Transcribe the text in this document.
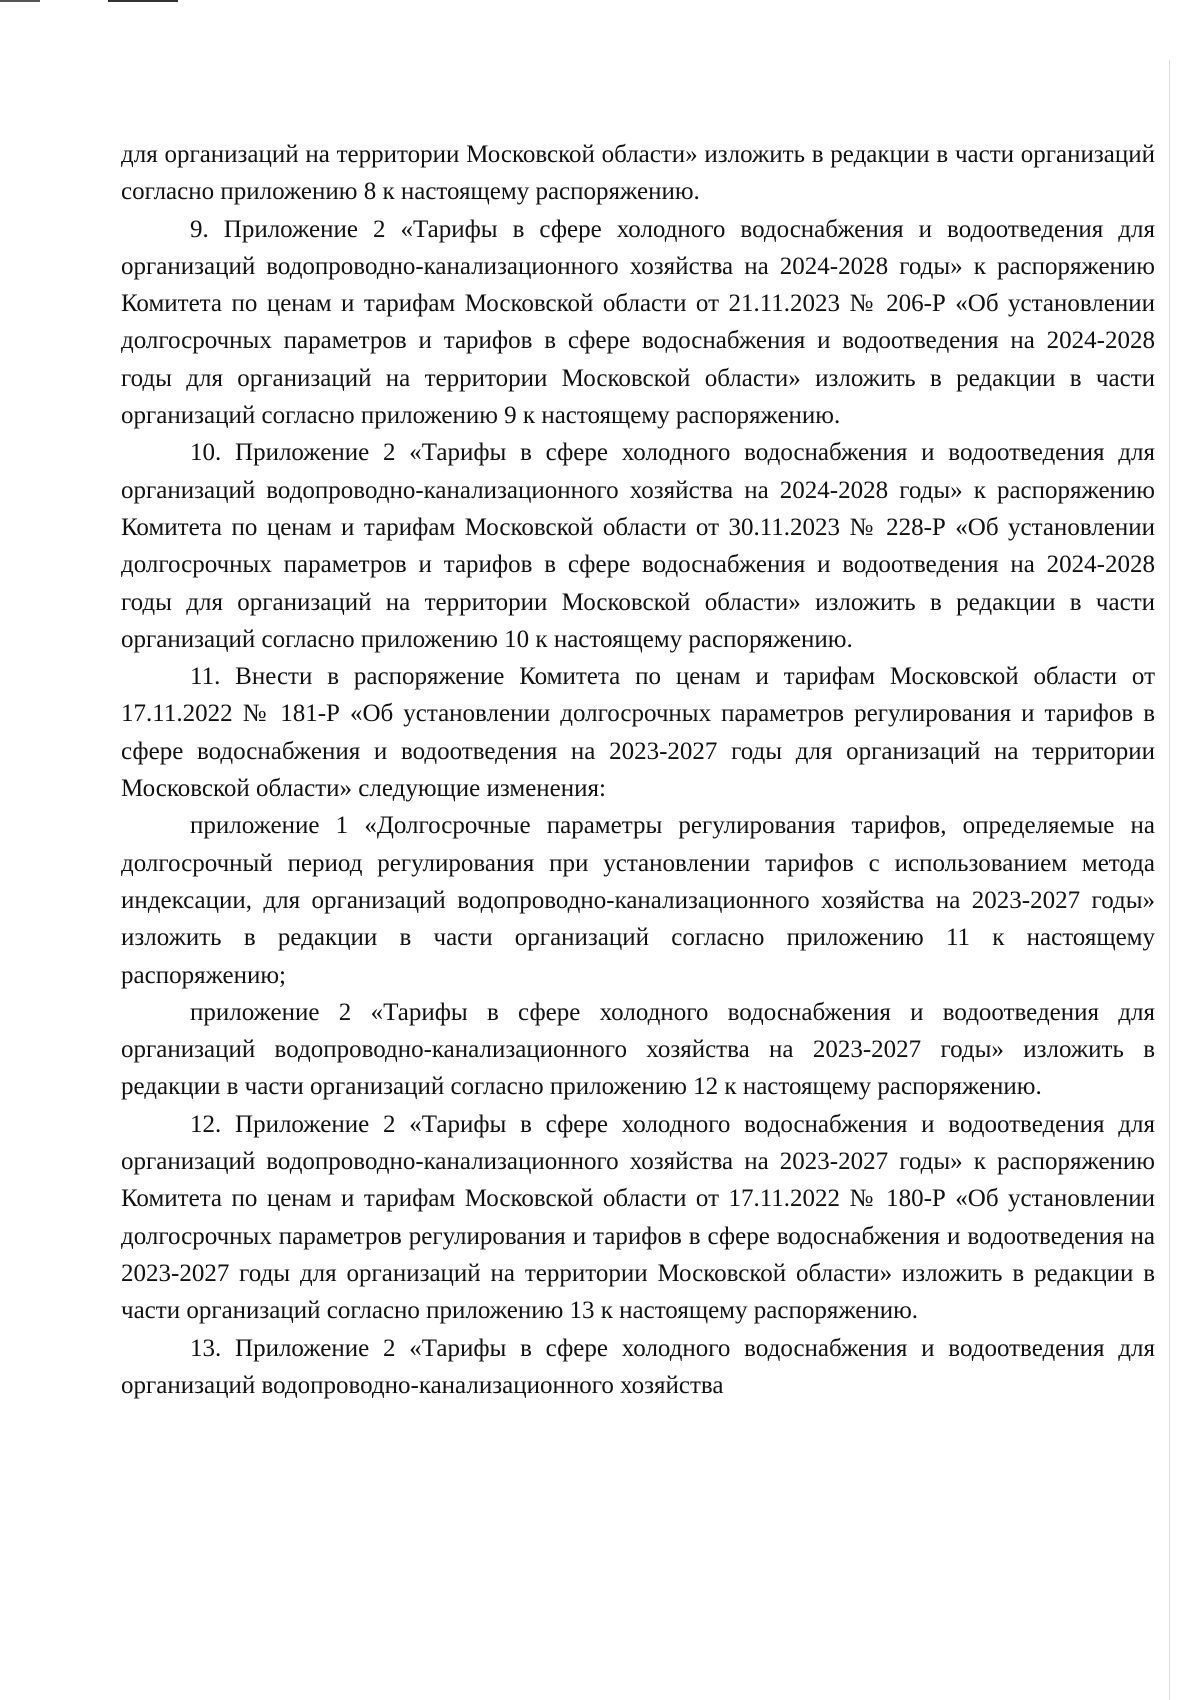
для организаций на территории Московской области» изложить в редакции в части организаций согласно приложению 8 к настоящему распоряжению.

9. Приложение 2 «Тарифы в сфере холодного водоснабжения и водоотведения для организаций водопроводно-канализационного хозяйства на 2024-2028 годы» к распоряжению Комитета по ценам и тарифам Московской области от 21.11.2023 № 206-Р «Об установлении долгосрочных параметров и тарифов в сфере водоснабжения и водоотведения на 2024-2028 годы для организаций на территории Московской области» изложить в редакции в части организаций согласно приложению 9 к настоящему распоряжению.

10. Приложение 2 «Тарифы в сфере холодного водоснабжения и водоотведения для организаций водопроводно-канализационного хозяйства на 2024-2028 годы» к распоряжению Комитета по ценам и тарифам Московской области от 30.11.2023 № 228-Р «Об установлении долгосрочных параметров и тарифов в сфере водоснабжения и водоотведения на 2024-2028 годы для организаций на территории Московской области» изложить в редакции в части организаций согласно приложению 10 к настоящему распоряжению.

11. Внести в распоряжение Комитета по ценам и тарифам Московской области от 17.11.2022 № 181-Р «Об установлении долгосрочных параметров регулирования и тарифов в сфере водоснабжения и водоотведения на 2023-2027 годы для организаций на территории Московской области» следующие изменения:

приложение 1 «Долгосрочные параметры регулирования тарифов, определяемые на долгосрочный период регулирования при установлении тарифов с использованием метода индексации, для организаций водопроводно-канализационного хозяйства на 2023-2027 годы» изложить в редакции в части организаций согласно приложению 11 к настоящему распоряжению;

приложение 2 «Тарифы в сфере холодного водоснабжения и водоотведения для организаций водопроводно-канализационного хозяйства на 2023-2027 годы» изложить в редакции в части организаций согласно приложению 12 к настоящему распоряжению.

12. Приложение 2 «Тарифы в сфере холодного водоснабжения и водоотведения для организаций водопроводно-канализационного хозяйства на 2023-2027 годы» к распоряжению Комитета по ценам и тарифам Московской области от 17.11.2022 № 180-Р «Об установлении долгосрочных параметров регулирования и тарифов в сфере водоснабжения и водоотведения на 2023-2027 годы для организаций на территории Московской области» изложить в редакции в части организаций согласно приложению 13 к настоящему распоряжению.

13. Приложение 2 «Тарифы в сфере холодного водоснабжения и водоотведения для организаций водопроводно-канализационного хозяйства
